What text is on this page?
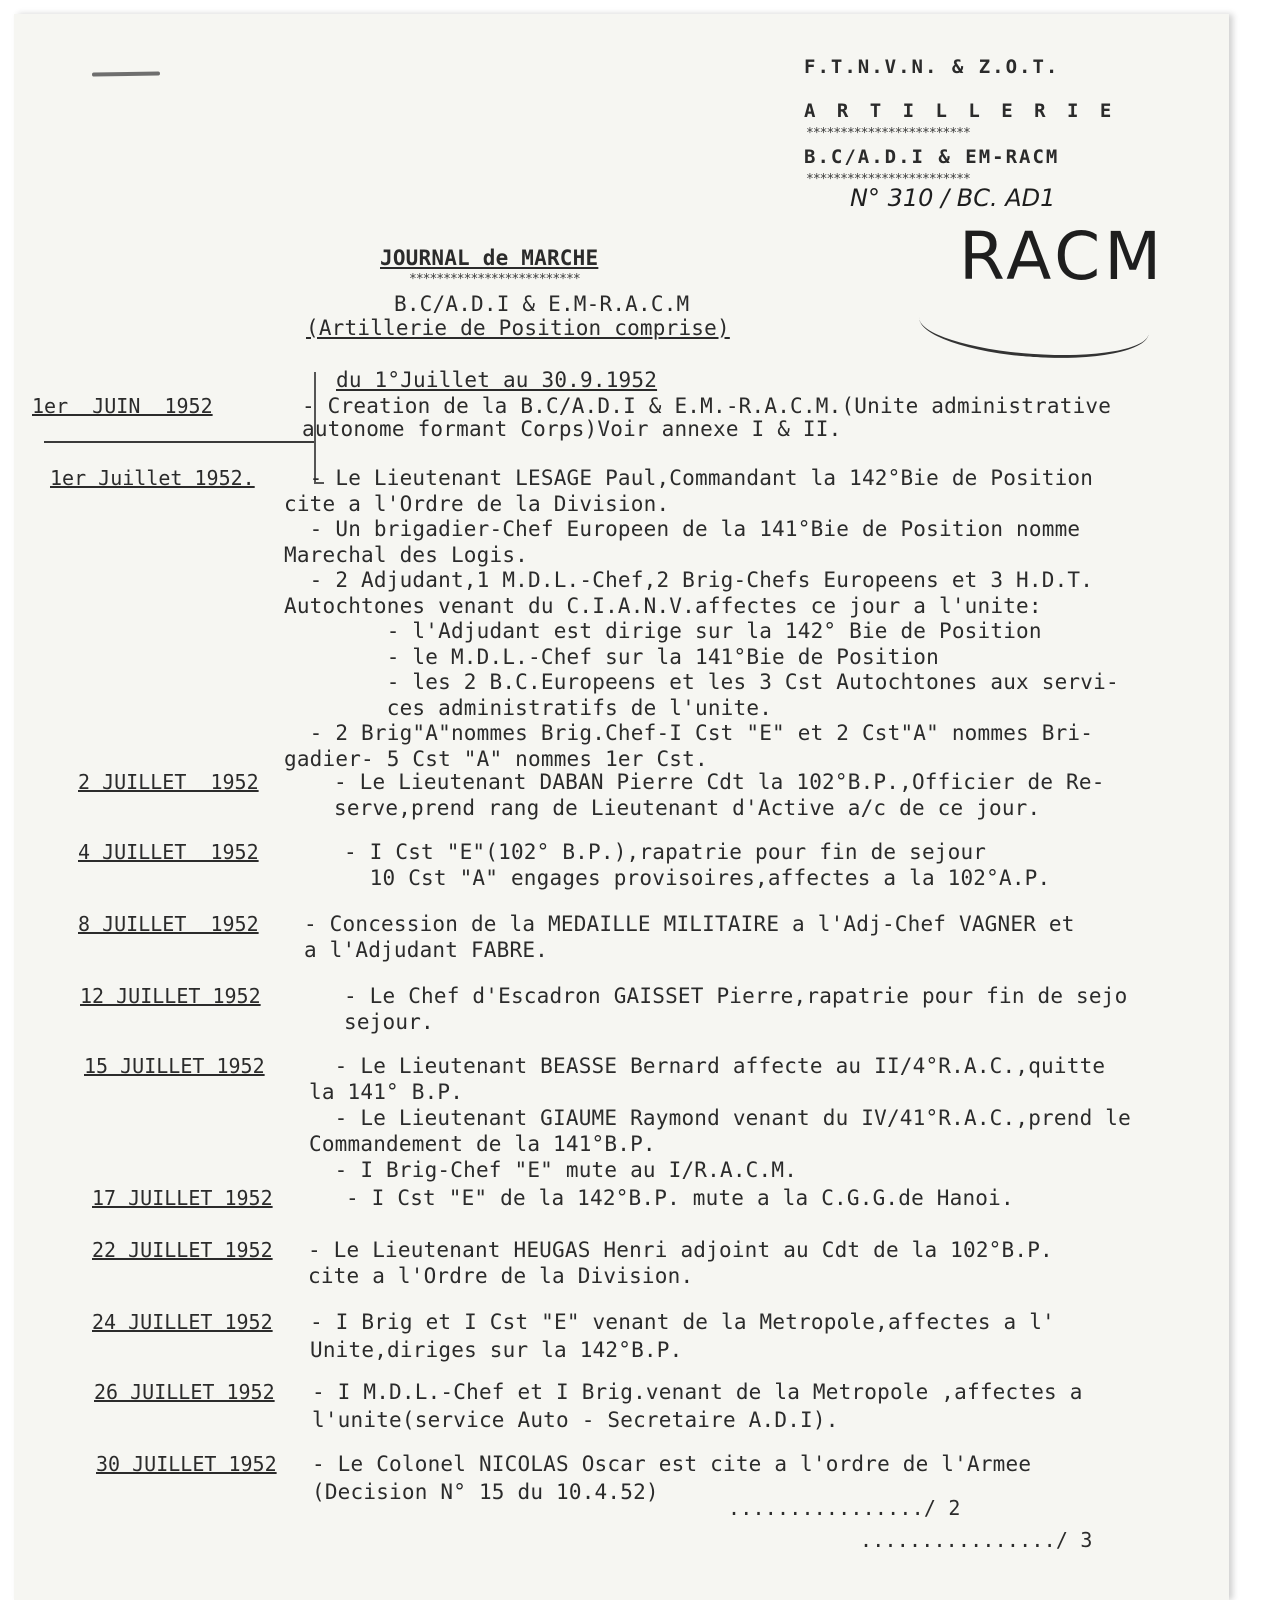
F.T.N.V.N. & Z.O.T.
A R T I L L E R I E
************************
B.C/A.D.I & EM-RACM
************************
N° 310 / BC. AD1
RACM
JOURNAL de MARCHE
*************************
B.C/A.D.I & E.M-R.A.C.M
(Artillerie de Position comprise)
du 1°Juillet au 30.9.1952
1er  JUIN  1952	- Creation de la B.C/A.D.I & E.M.-R.A.C.M.(Unite administrative
autonome formant Corps)Voir annexe I & II.
1er Juillet 1952. - Le Lieutenant LESAGE Paul,Commandant la 142°Bie de Position
cite a l'Ordre de la Division.
- Un brigadier-Chef Europeen de la 141°Bie de Position nomme
Marechal des Logis.
- 2 Adjudant,1 M.D.L.-Chef,2 Brig-Chefs Europeens et 3 H.D.T.
Autochtones venant du C.I.A.N.V.affectes ce jour a l'unite:
- l'Adjudant est dirige sur la 142° Bie de Position
- le M.D.L.-Chef sur la 141°Bie de Position
- les 2 B.C.Europeens et les 3 Cst Autochtones aux servi-
ces administratifs de l'unite.
- 2 Brig"A"nommes Brig.Chef-I Cst "E" et 2 Cst"A" nommes Bri-
gadier- 5 Cst "A" nommes 1er Cst.
2 JUILLET  1952	- Le Lieutenant DABAN Pierre Cdt la 102°B.P.,Officier de Re-
serve,prend rang de Lieutenant d'Active a/c de ce jour.
4 JUILLET  1952	- I Cst "E"(102° B.P.),rapatrie pour fin de sejour
10 Cst "A" engages provisoires,affectes a la 102°A.P.
8 JUILLET  1952 - Concession de la MEDAILLE MILITAIRE a l'Adj-Chef VAGNER et
a l'Adjudant FABRE.
12 JUILLET 1952	- Le Chef d'Escadron GAISSET Pierre,rapatrie pour fin de sejo
sejour.
15 JUILLET 1952 - Le Lieutenant BEASSE Bernard affecte au II/4°R.A.C.,quitte
la 141° B.P.
- Le Lieutenant GIAUME Raymond venant du IV/41°R.A.C.,prend le
Commandement de la 141°B.P.
- I Brig-Chef "E" mute au I/R.A.C.M.
17 JUILLET 1952	- I Cst "E" de la 142°B.P. mute a la C.G.G.de Hanoi.
22 JUILLET 1952 - Le Lieutenant HEUGAS Henri adjoint au Cdt de la 102°B.P.
cite a l'Ordre de la Division.
24 JUILLET 1952 - I Brig et I Cst "E" venant de la Metropole,affectes a l'
Unite,diriges sur la 142°B.P.
26 JUILLET 1952 - I M.D.L.-Chef et I Brig.venant de la Metropole ,affectes a
l'unite(service Auto - Secretaire A.D.I).
30 JUILLET 1952 - Le Colonel NICOLAS Oscar est cite a l'ordre de l'Armee
(Decision N° 15 du 10.4.52)
................/ 2
................/ 3
